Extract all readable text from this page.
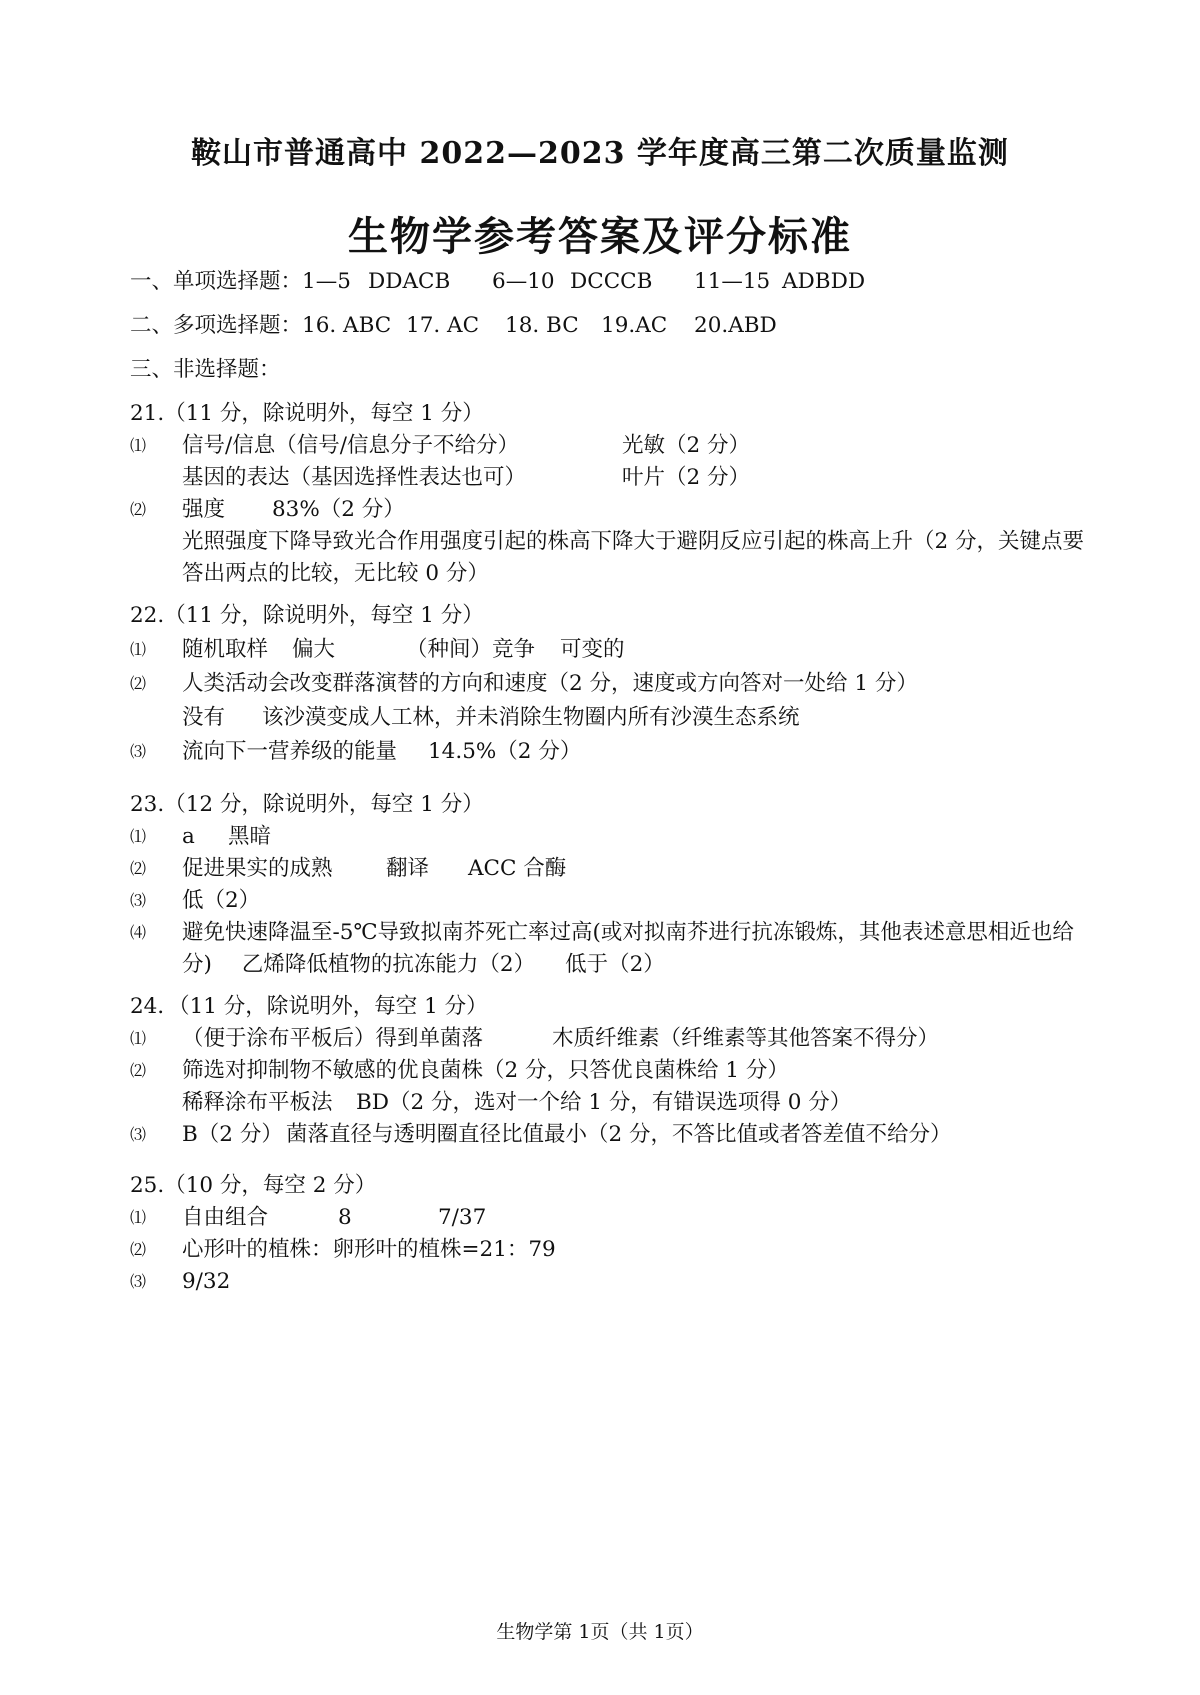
鞍山市普通高中 2022—2023 学年度高三第二次质量监测
生物学参考答案及评分标准
一、单项选择题：1—5 DDACB 6—10 DCCCB 11—15 ADBDD
二、多项选择题：16. ABC 17. AC 18. BC 19.AC 20.ABD
三、非选择题：
21.（11 分，除说明外，每空 1 分）
⑴	信号/信息（信号/信息分子不给分）	光敏（2 分）
基因的表达（基因选择性表达也可）	叶片（2 分）
⑵	强度 83%（2 分）
光照强度下降导致光合作用强度引起的株高下降大于避阴反应引起的株高上升（2 分，关键点要答出两点的比较，无比较 0 分）
22.（11 分，除说明外，每空 1 分）
⑴	随机取样 偏大	（种间）竞争 可变的
⑵	人类活动会改变群落演替的方向和速度（2 分，速度或方向答对一处给 1 分）
没有 该沙漠变成人工林，并未消除生物圈内所有沙漠生态系统
⑶	流向下一营养级的能量 14.5%（2 分）
23.（12 分，除说明外，每空 1 分）
⑴	a 黑暗
⑵	促进果实的成熟 翻译 ACC 合酶
⑶	低（2）
⑷	避免快速降温至-5℃导致拟南芥死亡率过高(或对拟南芥进行抗冻锻炼，其他表述意思相近也给分) 乙烯降低植物的抗冻能力（2） 低于（2）
24．（11 分，除说明外，每空 1 分）
⑴	（便于涂布平板后）得到单菌落	木质纤维素（纤维素等其他答案不得分）
⑵	筛选对抑制物不敏感的优良菌株（2 分，只答优良菌株给 1 分）
稀释涂布平板法 BD（2 分，选对一个给 1 分，有错误选项得 0 分）
⑶	B（2 分） 菌落直径与透明圈直径比值最小（2 分，不答比值或者答差值不给分）
25.（10 分，每空 2 分）
⑴	自由组合	8	7/37
⑵	心形叶的植株：卵形叶的植株=21：79
⑶	9/32
生物学第 1页（共 1页）
